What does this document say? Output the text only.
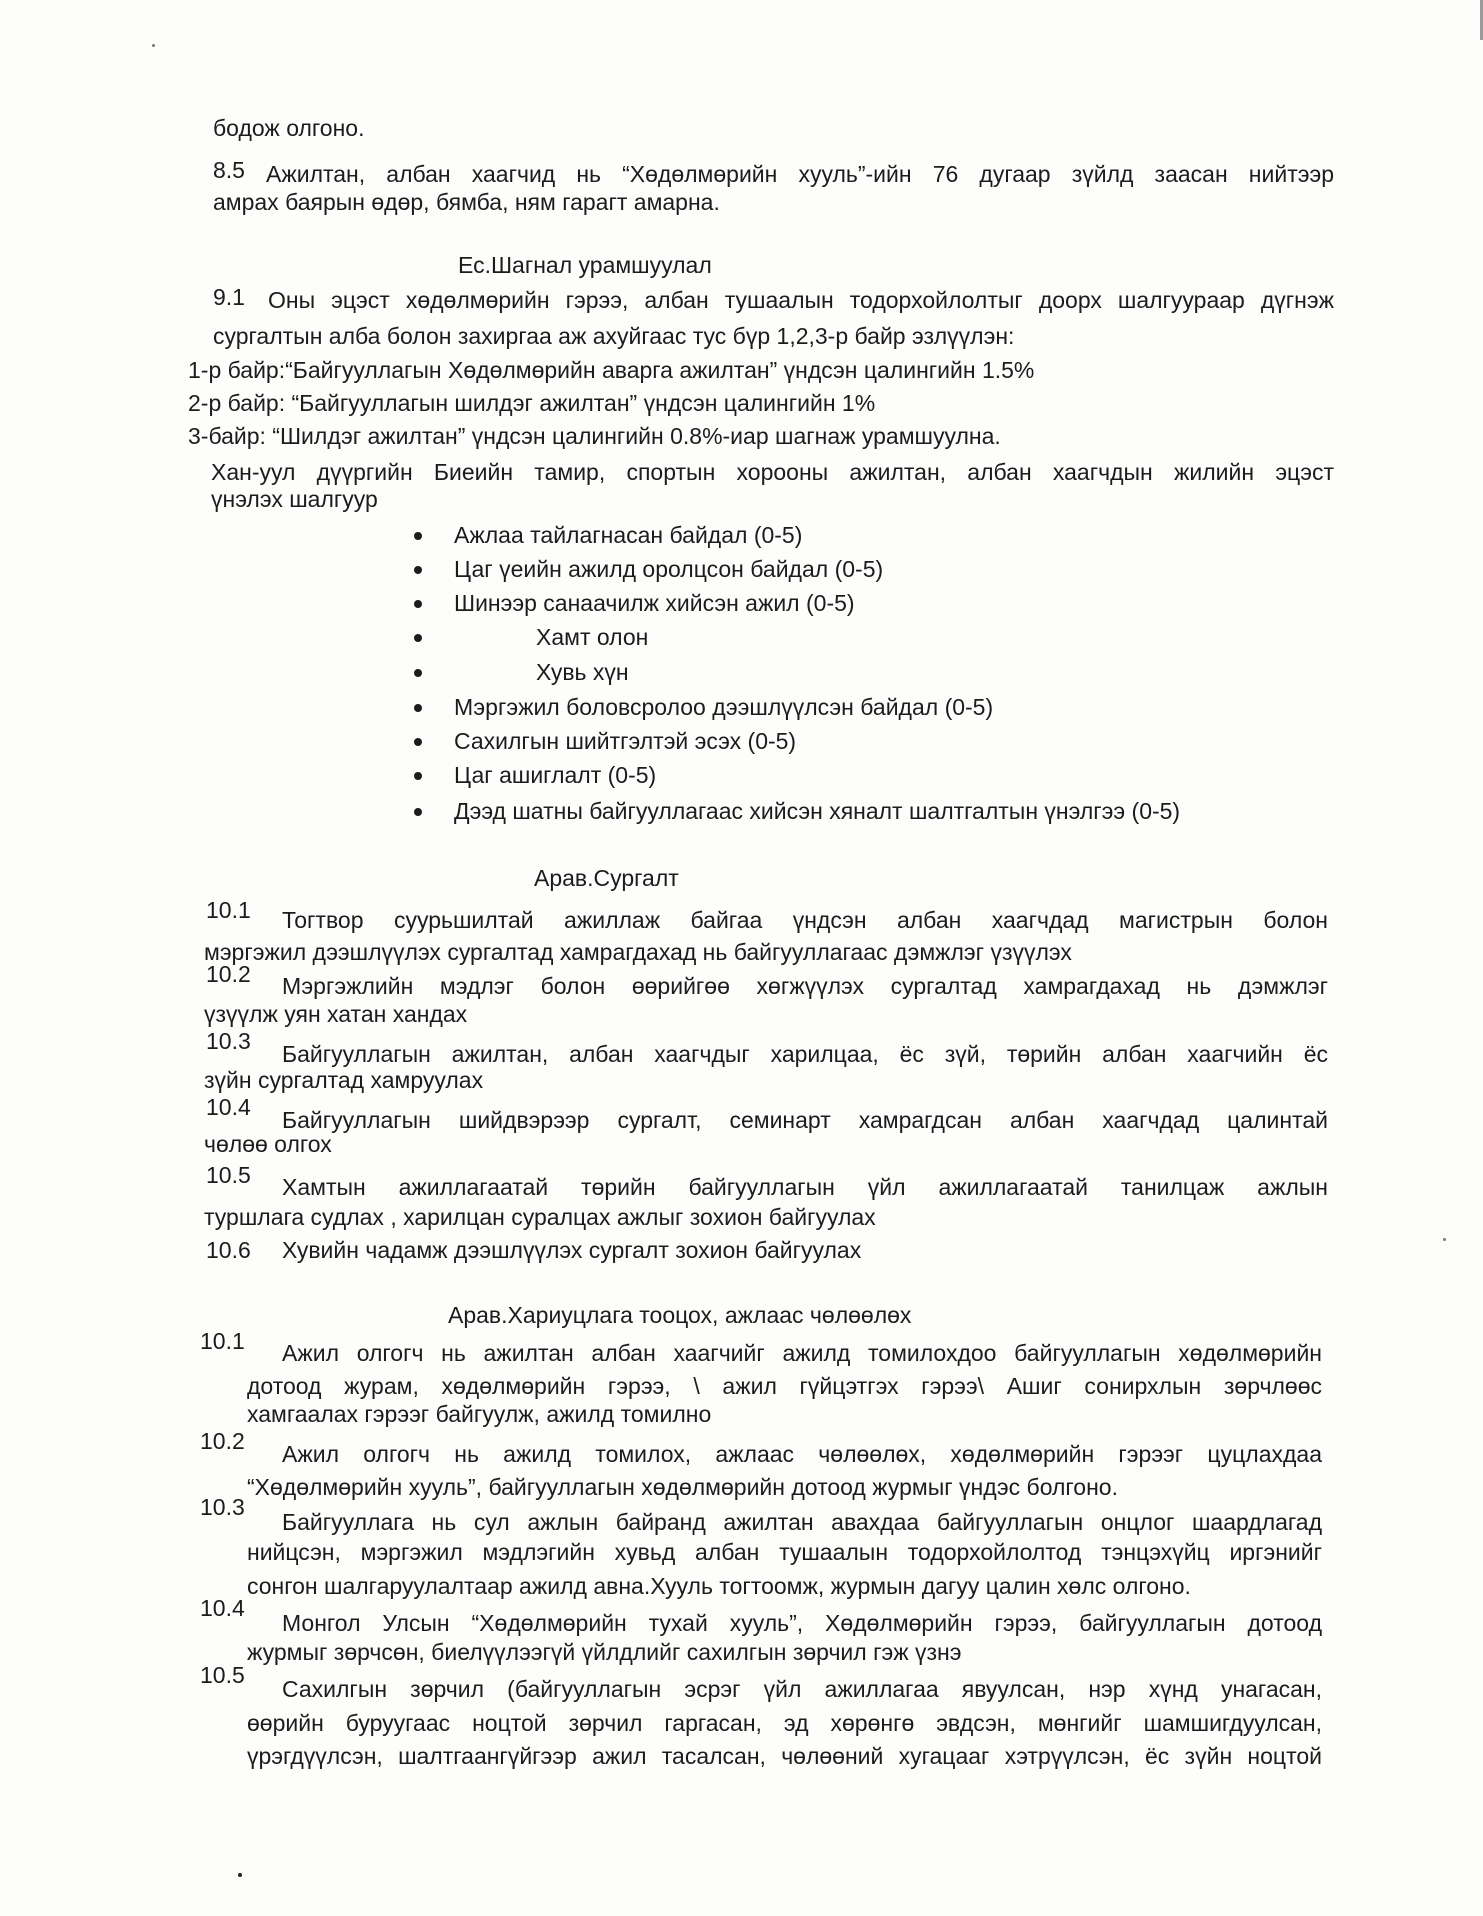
бодож олгоно.
8.5 Ажилтан, албан хаагчид нь “Хөдөлмөрийн хууль”-ийн 76 дугаар зүйлд заасан нийтээр
амрах баярын өдөр, бямба, ням гарагт амарна.
Ес.Шагнал урамшуулал
9.1 Оны эцэст хөдөлмөрийн гэрээ, албан тушаалын тодорхойлолтыг доорх шалгуураар дүгнэж
сургалтын алба болон захиргаа аж ахуйгаас тус бүр 1,2,3-р байр эзлүүлэн:
1-р байр:“Байгууллагын Хөдөлмөрийн аварга ажилтан” үндсэн цалингийн 1.5%
2-р байр: “Байгууллагын шилдэг ажилтан” үндсэн цалингийн 1%
3-байр: “Шилдэг ажилтан” үндсэн цалингийн 0.8%-иар шагнаж урамшуулна.
Хан-уул дүүргийн Биеийн тамир, спортын хорооны ажилтан, албан хаагчдын жилийн эцэст
үнэлэх шалгуур
Ажлаа тайлагнасан байдал (0-5)
Цаг үеийн ажилд оролцсон байдал (0-5)
Шинээр санаачилж хийсэн ажил (0-5)
Хамт олон
Хувь хүн
Мэргэжил боловсролоо дээшлүүлсэн байдал (0-5)
Сахилгын шийтгэлтэй эсэх (0-5)
Цаг ашиглалт (0-5)
Дээд шатны байгууллагаас хийсэн хяналт шалтгалтын үнэлгээ (0-5)
Арав.Сургалт
10.1 Тогтвор суурьшилтай ажиллаж байгаа үндсэн албан хаагчдад магистрын болон
мэргэжил дээшлүүлэх сургалтад хамрагдахад нь байгууллагаас дэмжлэг үзүүлэх
10.2 Мэргэжлийн мэдлэг болон өөрийгөө хөгжүүлэх сургалтад хамрагдахад нь дэмжлэг
үзүүлж уян хатан хандах
10.3 Байгууллагын ажилтан, албан хаагчдыг харилцаа, ёс зүй, төрийн албан хаагчийн ёс
зүйн сургалтад хамруулах
10.4 Байгууллагын шийдвэрээр сургалт, семинарт хамрагдсан албан хаагчдад цалинтай
чөлөө олгох
10.5 Хамтын ажиллагаатай төрийн байгууллагын үйл ажиллагаатай танилцаж ажлын
туршлага судлах , харилцан суралцах ажлыг зохион байгуулах
10.6 Хувийн чадамж дээшлүүлэх сургалт зохион байгуулах
Арав.Хариуцлага тооцох, ажлаас чөлөөлөх
10.1 Ажил олгогч нь ажилтан албан хаагчийг ажилд томилохдоо байгууллагын хөдөлмөрийн
дотоод журам, хөдөлмөрийн гэрээ, \ ажил гүйцэтгэх гэрээ\ Ашиг сонирхлын зөрчлөөс
хамгаалах гэрээг байгуулж, ажилд томилно
10.2 Ажил олгогч нь ажилд томилох, ажлаас чөлөөлөх, хөдөлмөрийн гэрээг цуцлахдаа
“Хөдөлмөрийн хууль”, байгууллагын хөдөлмөрийн дотоод журмыг үндэс болгоно.
10.3
Байгууллага нь сул ажлын байранд ажилтан авахдаа байгууллагын онцлог шаардлагад
нийцсэн, мэргэжил мэдлэгийн хувьд албан тушаалын тодорхойлолтод тэнцэхүйц иргэнийг
сонгон шалгаруулалтаар ажилд авна.Хууль тогтоомж, журмын дагуу цалин хөлс олгоно.
10.4
Монгол Улсын “Хөдөлмөрийн тухай хууль”, Хөдөлмөрийн гэрээ, байгууллагын дотоод
журмыг зөрчсөн, биелүүлээгүй үйлдлийг сахилгын зөрчил гэж үзнэ
10.5
Сахилгын зөрчил (байгууллагын эсрэг үйл ажиллагаа явуулсан, нэр хүнд унагасан,
өөрийн буруугаас ноцтой зөрчил гаргасан, эд хөрөнгө эвдсэн, мөнгийг шамшигдуулсан,
үрэгдүүлсэн, шалтгаангүйгээр ажил тасалсан, чөлөөний хугацааг хэтрүүлсэн, ёс зүйн ноцтой
